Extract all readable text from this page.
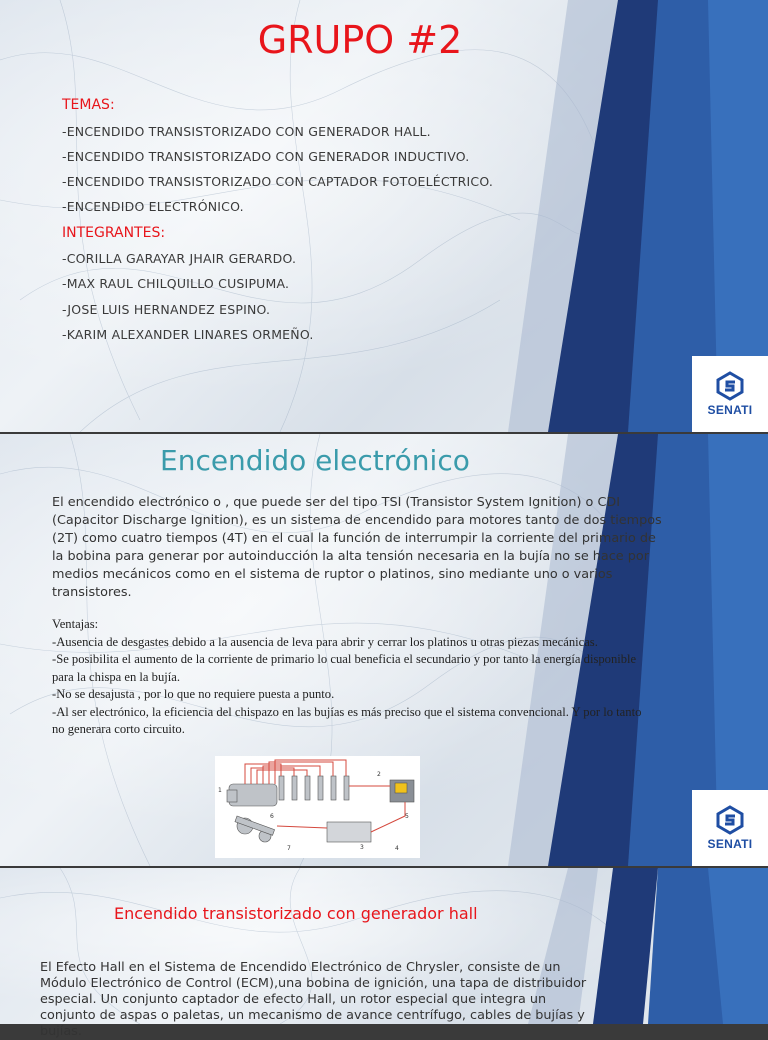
SENATI
GRUPO #2
TEMAS:
-ENCENDIDO TRANSISTORIZADO CON GENERADOR HALL.
-ENCENDIDO TRANSISTORIZADO CON GENERADOR INDUCTIVO.
-ENCENDIDO TRANSISTORIZADO CON CAPTADOR FOTOELÉCTRICO.
-ENCENDIDO ELECTRÓNICO.
INTEGRANTES:
-CORILLA GARAYAR JHAIR GERARDO.
-MAX RAUL CHILQUILLO CUSIPUMA.
-JOSE LUIS HERNANDEZ ESPINO.
-KARIM ALEXANDER LINARES ORMEÑO.
SENATI
Encendido electrónico
El encendido electrónico o , que puede ser del tipo TSI (Transistor System Ignition) o CDI (Capacitor Discharge Ignition), es un sistema de encendido para motores tanto de dos tiempos (2T) como cuatro tiempos (4T) en el cual la función de interrumpir la corriente del primario de la bobina para generar por autoinducción la alta tensión necesaria en la bujía no se hace por medios mecánicos como en el sistema de ruptor o platinos, sino mediante uno o varios transistores.
Ventajas:
-Ausencia de desgastes debido a la ausencia de leva para abrir y cerrar los platinos u otras piezas mecánicas.
-Se posibilita el aumento de la corriente de primario lo cual beneficia el secundario y por tanto la energía disponible para la chispa en la bujía.
-No se desajusta , por lo que no requiere puesta a punto.
-Al ser electrónico, la eficiencia del chispazo en las bujías es más preciso que el sistema convencional. Y por lo tanto no generara corto circuito.
1
2
3	4
5
6
7
Encendido transistorizado con generador hall
El Efecto Hall en el Sistema de Encendido Electrónico de Chrysler, consiste de un Módulo Electrónico de Control (ECM),una bobina de ignición, una tapa de distribuidor especial. Un conjunto captador de efecto Hall, un rotor especial que integra un conjunto de aspas o paletas, un mecanismo de avance centrífugo, cables de bujías y bujías.
